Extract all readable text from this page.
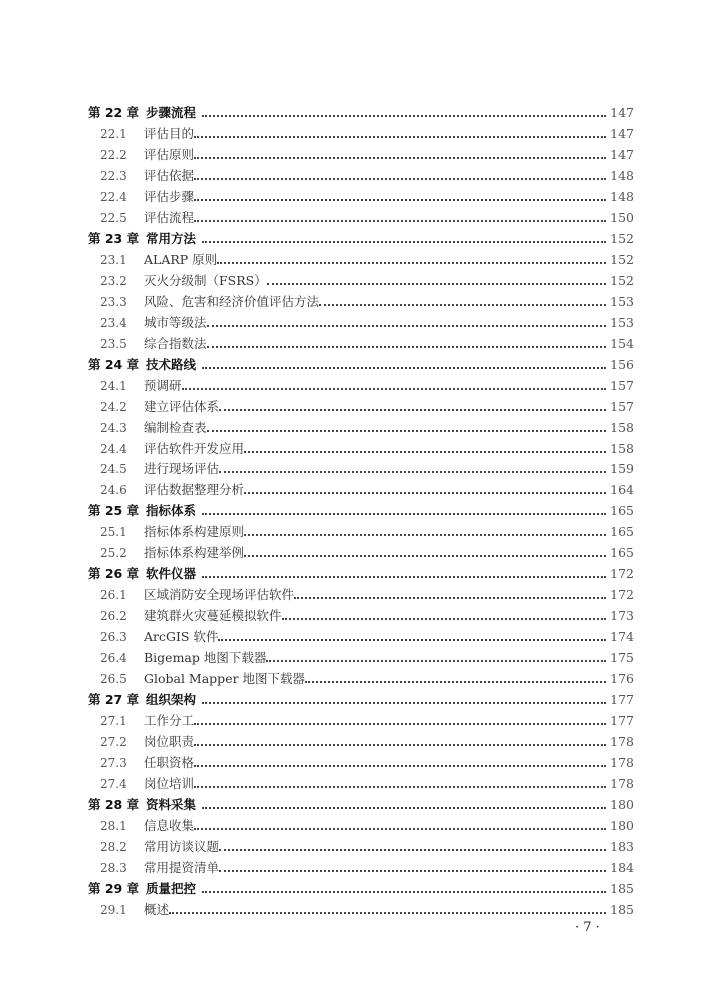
第 22 章 步骤流程	147
22.1	评估目的	147
22.2	评估原则	147
22.3	评估依据	148
22.4	评估步骤	148
22.5	评估流程	150
第 23 章 常用方法	152
23.1	ALARP 原则	152
23.2	灭火分级制（FSRS）	152
23.3	风险、危害和经济价值评估方法	153
23.4	城市等级法	153
23.5	综合指数法	154
第 24 章 技术路线	156
24.1	预调研	157
24.2	建立评估体系	157
24.3	编制检查表	158
24.4	评估软件开发应用	158
24.5	进行现场评估	159
24.6	评估数据整理分析	164
第 25 章 指标体系	165
25.1	指标体系构建原则	165
25.2	指标体系构建举例	165
第 26 章 软件仪器	172
26.1	区域消防安全现场评估软件	172
26.2	建筑群火灾蔓延模拟软件	173
26.3	ArcGIS 软件	174
26.4	Bigemap 地图下载器	175
26.5	Global Mapper 地图下载器	176
第 27 章 组织架构	177
27.1	工作分工	177
27.2	岗位职责	178
27.3	任职资格	178
27.4	岗位培训	178
第 28 章 资料采集	180
28.1	信息收集	180
28.2	常用访谈议题	183
28.3	常用提资清单	184
第 29 章 质量把控	185
29.1	概述	185
· 7 ·
